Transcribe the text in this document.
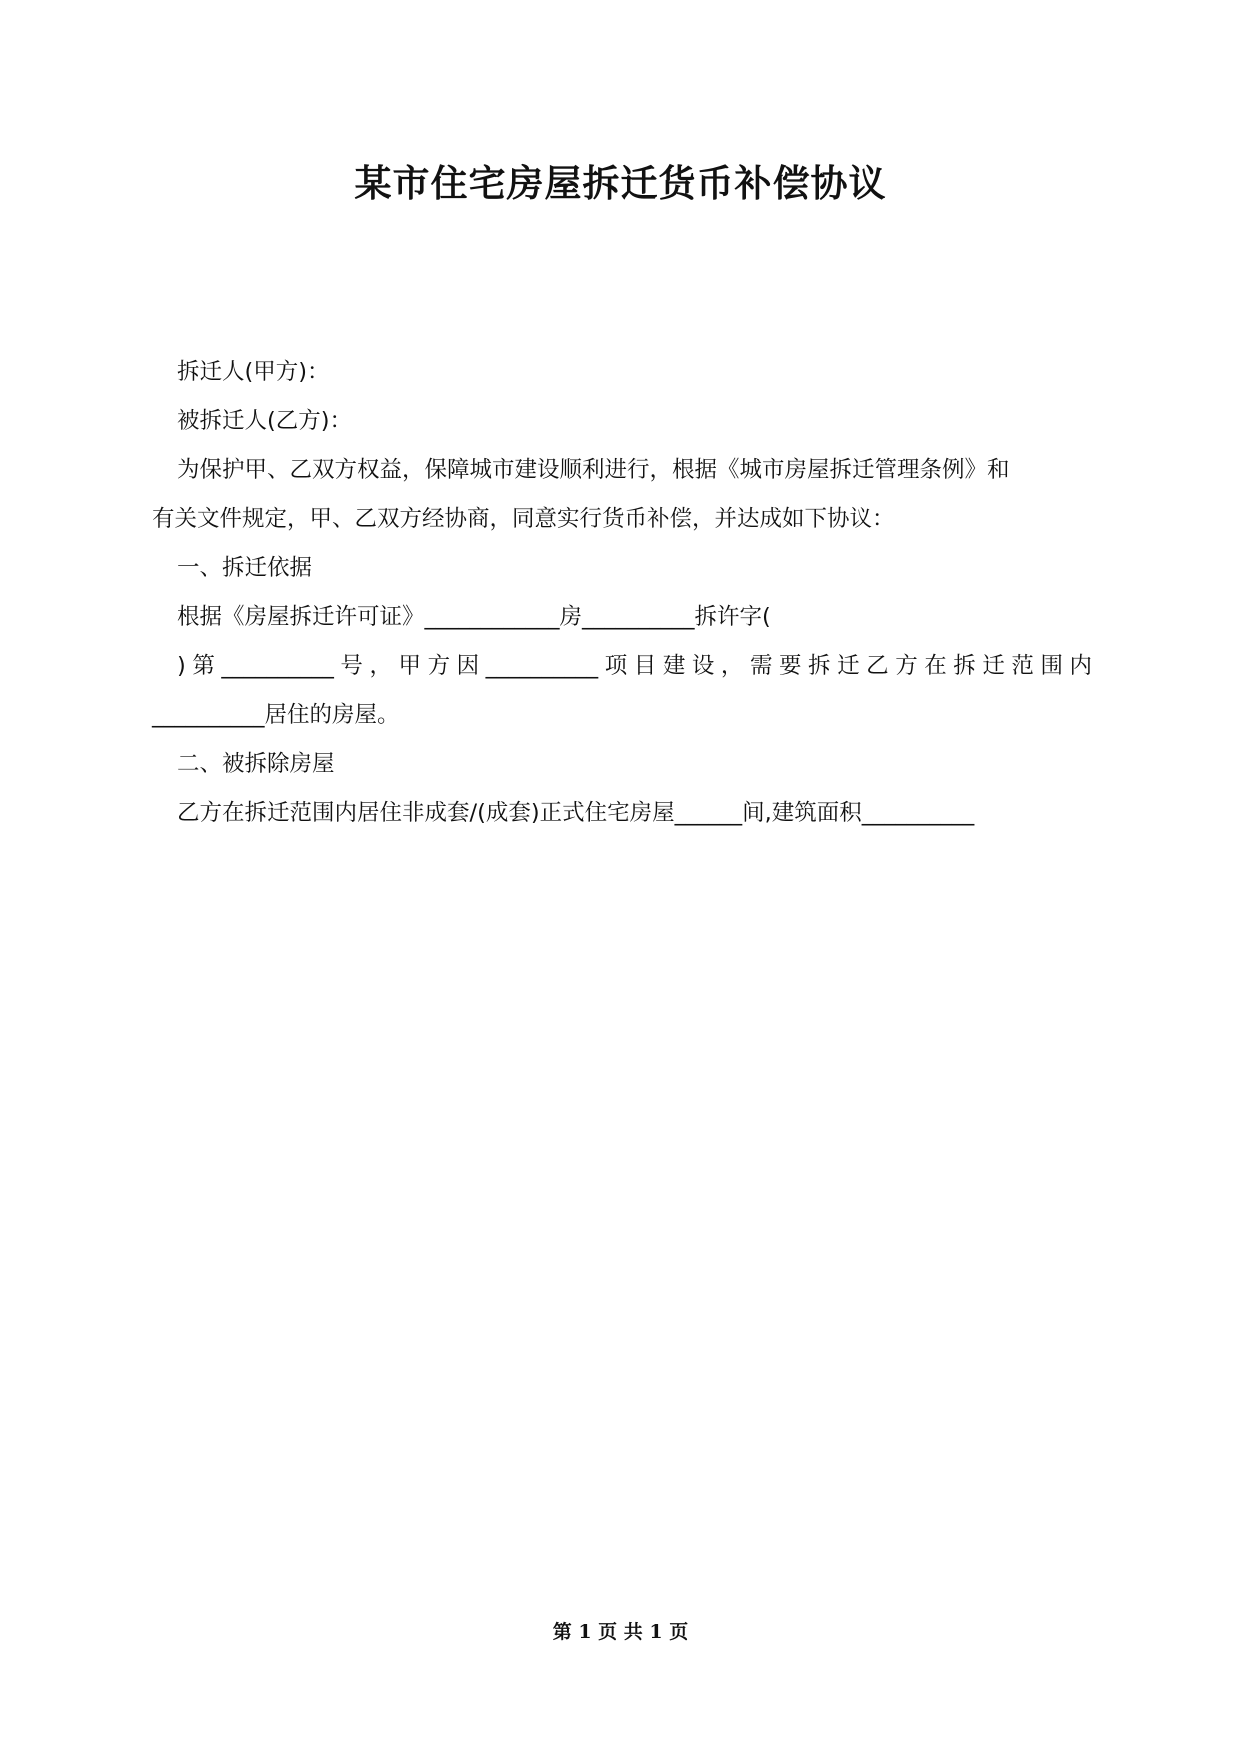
某市住宅房屋拆迁货币补偿协议

拆迁人(甲方)：

被拆迁人(乙方)：

为保护甲、乙双方权益，保障城市建设顺利进行，根据《城市房屋拆迁管理条例》和

有关文件规定，甲、乙双方经协商，同意实行货币补偿，并达成如下协议：

一、拆迁依据

根据《房屋拆迁许可证》____________房__________拆许字(

)第__________号，甲方因__________项目建设，需要拆迁乙方在拆迁范围内

__________居住的房屋。

二、被拆除房屋

乙方在拆迁范围内居住非成套/(成套)正式住宅房屋______间,建筑面积__________

第 1 页 共 1 页
